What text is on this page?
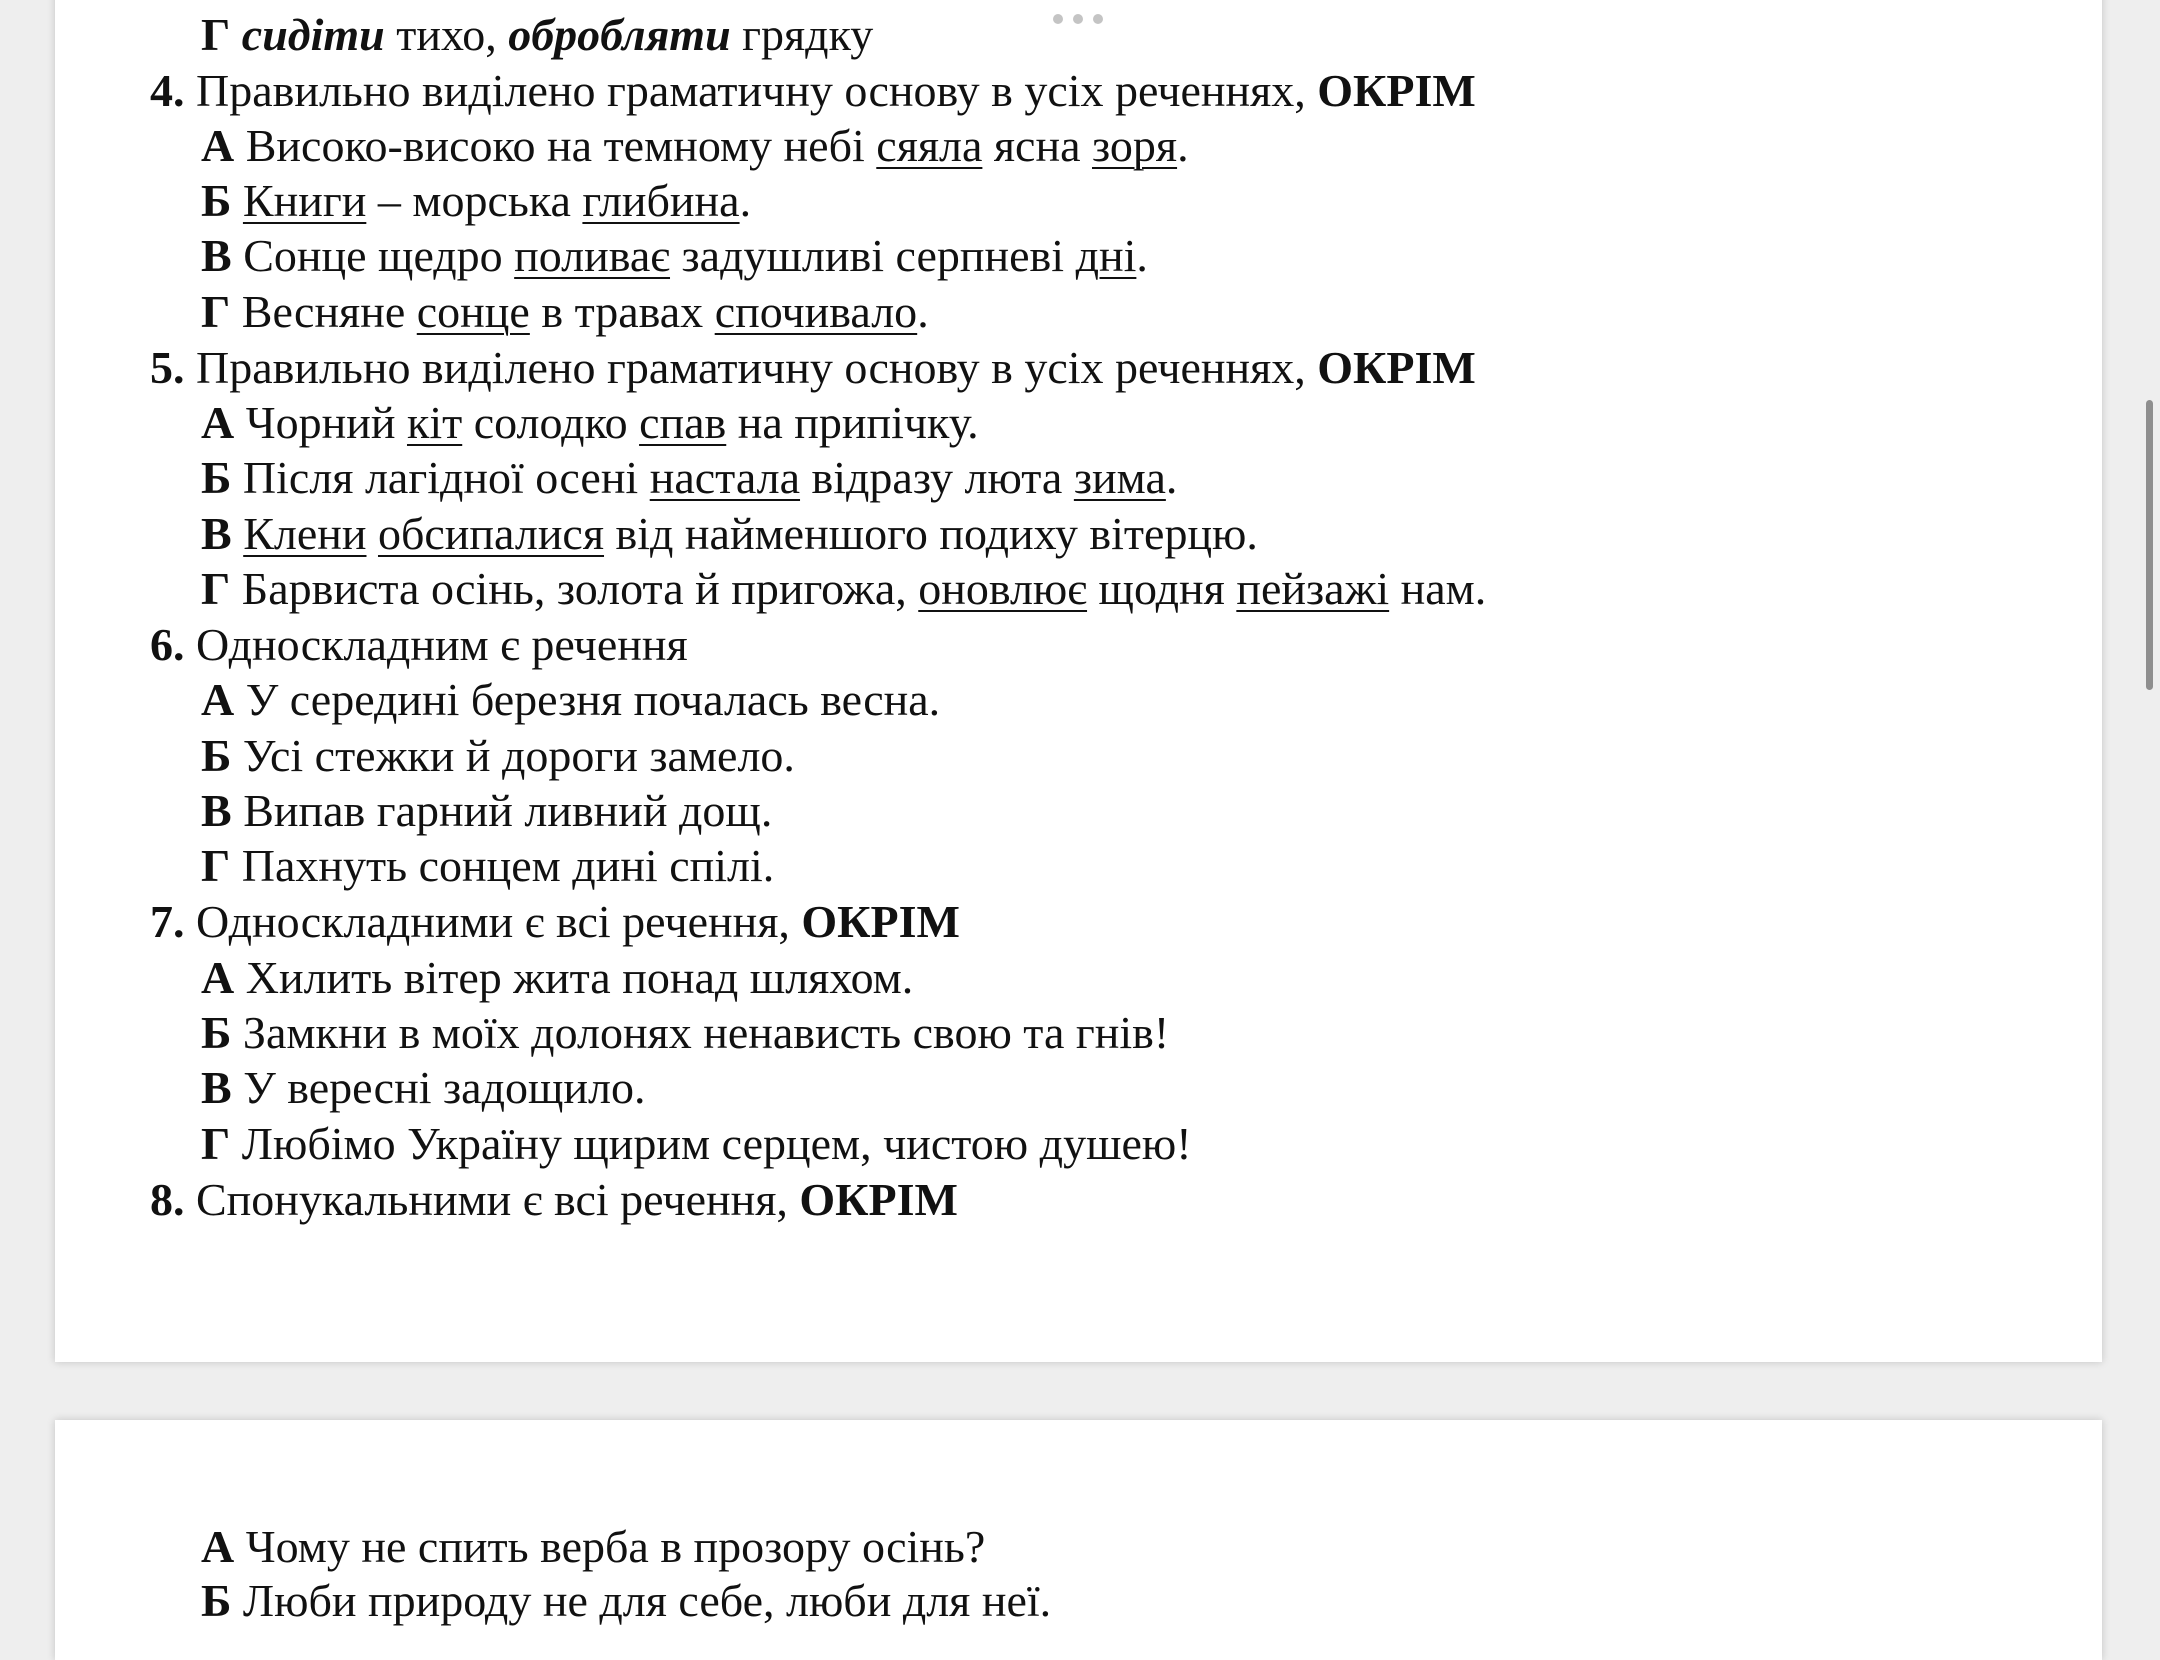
Г сидіти тихо, обробляти грядку
4. Правильно виділено граматичну основу в усіх реченнях, ОКРІМ
А Високо-високо на темному небі сяяла ясна зоря.
Б Книги – морська глибина.
В Сонце щедро поливає задушливі серпневі дні.
Г Весняне сонце в травах спочивало.
5. Правильно виділено граматичну основу в усіх реченнях, ОКРІМ
А Чорний кіт солодко спав на припічку.
Б Після лагідної осені настала відразу люта зима.
В Клени обсипалися від найменшого подиху вітерцю.
Г Барвиста осінь, золота й пригожа, оновлює щодня пейзажі нам.
6. Односкладним є речення
А У середині березня почалась весна.
Б Усі стежки й дороги замело.
В Випав гарний ливний дощ.
Г Пахнуть сонцем дині спілі.
7. Односкладними є всі речення, ОКРІМ
А Хилить вітер жита понад шляхом.
Б Замкни в моїх долонях ненависть свою та гнів!
В У вересні задощило.
Г Любімо Україну щирим серцем, чистою душею!
8. Спонукальними є всі речення, ОКРІМ
А Чому не спить верба в прозору осінь?
Б Люби природу не для себе, люби для неї.
